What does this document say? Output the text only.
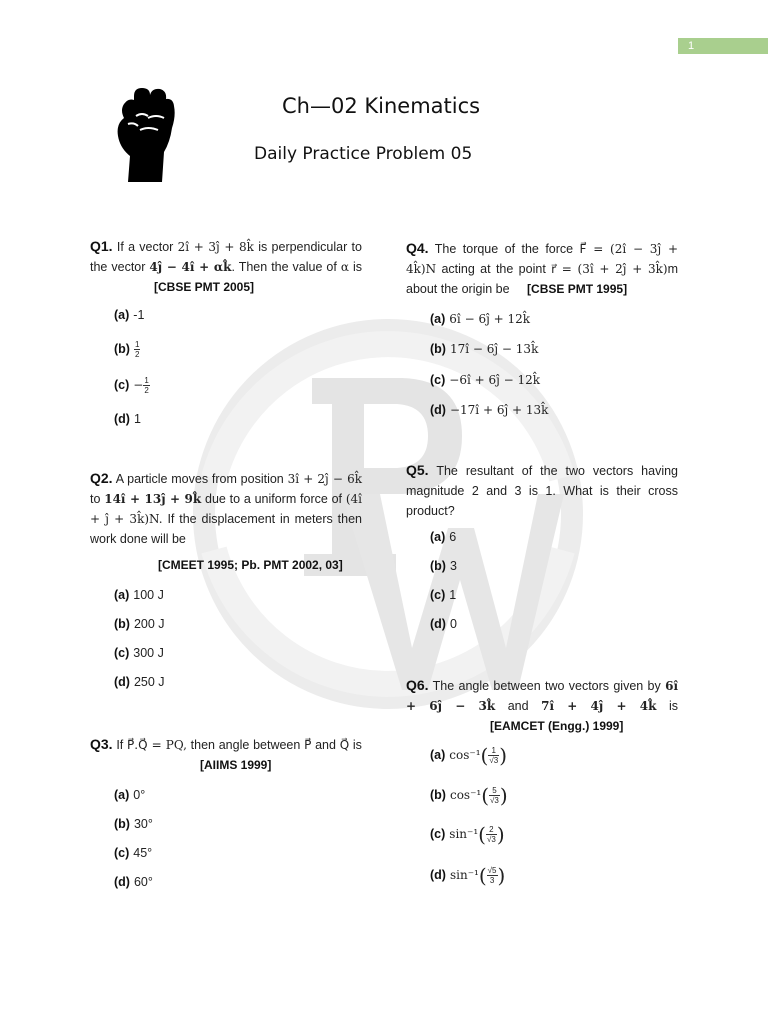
1
Ch—02 Kinematics
Daily Practice Problem 05
Q1. If a vector 2î + 3ĵ + 8k̂ is perpendicular to the vector 4ĵ − 4î + αk̂. Then the value of α is [CBSE PMT 2005]
(a) -1
$(b) \frac{1}{2}$
$(c) - \frac{1}{2}$
(d) 1
Q2. A particle moves from position 3î + 2ĵ − 6k̂ to 14î + 13ĵ + 9k̂ due to a uniform force of (4î + ĵ + 3k̂)N. If the displacement in meters then work done will be
[CMEET 1995; Pb. PMT 2002, 03]
(a) 100 J
(b) 200 J
(c) 300 J
(d) 250 J
Q3. If P⃗.Q⃗ = PQ, then angle between P⃗ and Q⃗ is [AIIMS 1999]
(a) 0°
(b) 30°
(c) 45°
(d) 60°
Q4. The torque of the force F⃗ = (2î − 3ĵ + 4k̂)N acting at the point r⃗ = (3î + 2ĵ + 3k̂)m about the origin be [CBSE PMT 1995]
(a) 6î − 6ĵ + 12k̂
(b) 17î − 6ĵ − 13k̂
(c) −6î + 6ĵ − 12k̂
(d) −17î + 6ĵ + 13k̂
Q5. The resultant of the two vectors having magnitude 2 and 3 is 1. What is their cross product?
(a) 6
(b) 3
(c) 1
(d) 0
Q6. The angle between two vectors given by 6î + 6ĵ − 3k̂ and 7î + 4ĵ + 4k̂ is [EAMCET (Engg.) 1999]
(a) $\cos^{-1}( \frac{1}{√3}$ )
(b) $\cos^{-1}( \frac{5}{√3}$ )
(c) $\sin^{-1}( \frac{2}{√3}$ )
(d) $\sin^{-1}( \frac{√5}{3}$ )
